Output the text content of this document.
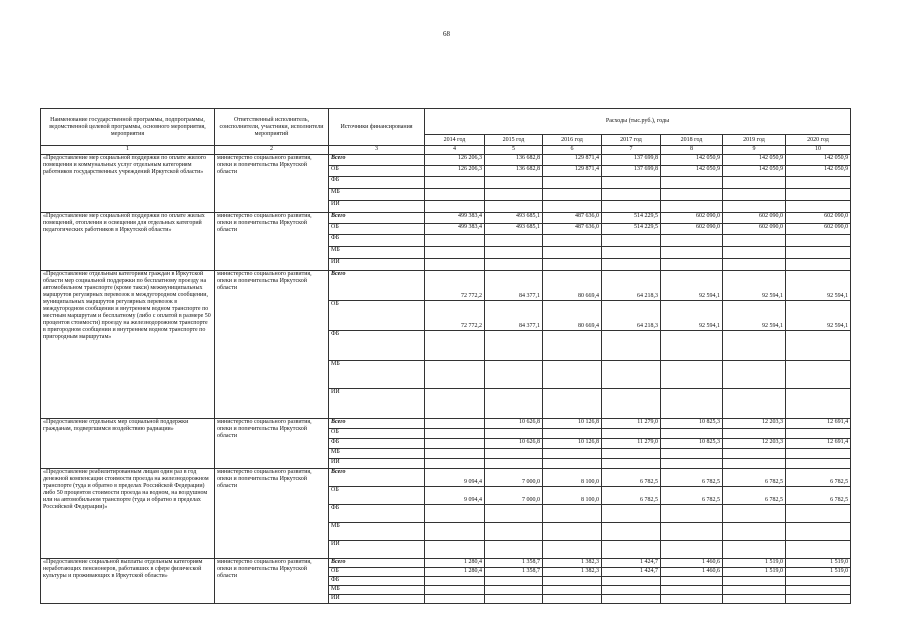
68
Наименование государственной программы, подпрограммы, ведомственной целевой программы, основного мероприятия, мероприятия	Ответственный исполнитель, соисполнители, участники, исполнители мероприятий	Источники финансирования	Расходы (тыс.руб.), годы						
			2014 год	2015 год	2016 год	2017 год	2018 год	2019 год	2020 год
1	2	3	4	5	6	7	8	9	10
«Предоставление мер социальной поддержки по оплате жилого помещения и коммунальных услуг отдельным категориям работников государственных учреждений Иркутской области»	министерство социального развития, опеки и попечительства Иркутской области	Всего	126 206,3	136 682,8	129 871,4	137 699,8	142 050,9	142 050,9	142 050,9
		ОБ	126 206,3	136 682,8	129 871,4	137 699,8	142 050,9	142 050,9	142 050,9
		ФБ							
		МБ							
		ИИ							
«Предоставление мер социальной поддержки по оплате жилых помещений, отопления и освещения для отдельных категорий педагогических работников в Иркутской области»	министерство социального развития, опеки и попечительства Иркутской области	Всего	499 383,4	493 685,1	487 636,0	514 229,5	602 090,0	602 090,0	602 090,0
		ОБ	499 383,4	493 685,1	487 636,0	514 229,5	602 090,0	602 090,0	602 090,0
		ФБ							
		МБ							
		ИИ							
«Предоставление отдельным категориям граждан в Иркутской области мер социальной поддержки по бесплатному проезду на автомобильном транспорте (кроме такси) межмуниципальных маршрутов регулярных перевозок в междугородном сообщении, муниципальных маршрутов регулярных перевозок в междугородном сообщении и внутреннем водном транспорте по местным маршрутам и бесплатному (либо с оплатой в размере 50 процентов стоимости) проезду на железнодорожном транспорте в пригородном сообщении и внутреннем водном транспорте по пригородным маршрутам»	министерство социального развития, опеки и попечительства Иркутской области	Всего	72 772,2	84 377,1	80 669,4	64 218,3	92 594,1	92 594,1	92 594,1
		ОБ	72 772,2	84 377,1	80 669,4	64 218,3	92 594,1	92 594,1	92 594,1
		ФБ							
		МБ							
		ИИ							
«Предоставление отдельных мер социальной поддержки гражданам, подвергшимся воздействию радиации»	министерство социального развития, опеки и попечительства Иркутской области	Всего		10 626,8	10 126,8	11 279,0	10 825,3	12 203,3	12 691,4
		ОБ							
		ФБ		10 626,8	10 126,8	11 279,0	10 825,3	12 203,3	12 691,4
		МБ							
		ИИ							
«Предоставление реабилитированным лицам один раз в год денежной компенсации стоимости проезда на железнодорожном транспорте (туда и обратно в пределах Российской Федерации) либо 50 процентов стоимости проезда на водном, на воздушном или на автомобильном транспорте (туда и обратно в пределах Российской Федерации)»	министерство социального развития, опеки и попечительства Иркутской области	Всего	9 094,4	7 000,0	8 100,0	6 782,5	6 782,5	6 782,5	6 782,5
		ОБ	9 094,4	7 000,0	8 100,0	6 782,5	6 782,5	6 782,5	6 782,5
		ФБ							
		МБ							
		ИИ							
«Предоставление социальной выплаты отдельным категориям неработающих пенсионеров, работавших в сфере физической культуры и проживающих в Иркутской области»	министерство социального развития, опеки и попечительства Иркутской области	Всего	1 280,4	1 358,7	1 382,3	1 424,7	1 460,6	1 519,0	1 519,0
		ОБ	1 280,4	1 358,7	1 382,3	1 424,7	1 460,6	1 519,0	1 519,0
		ФБ							
		МБ							
		ИИ							
